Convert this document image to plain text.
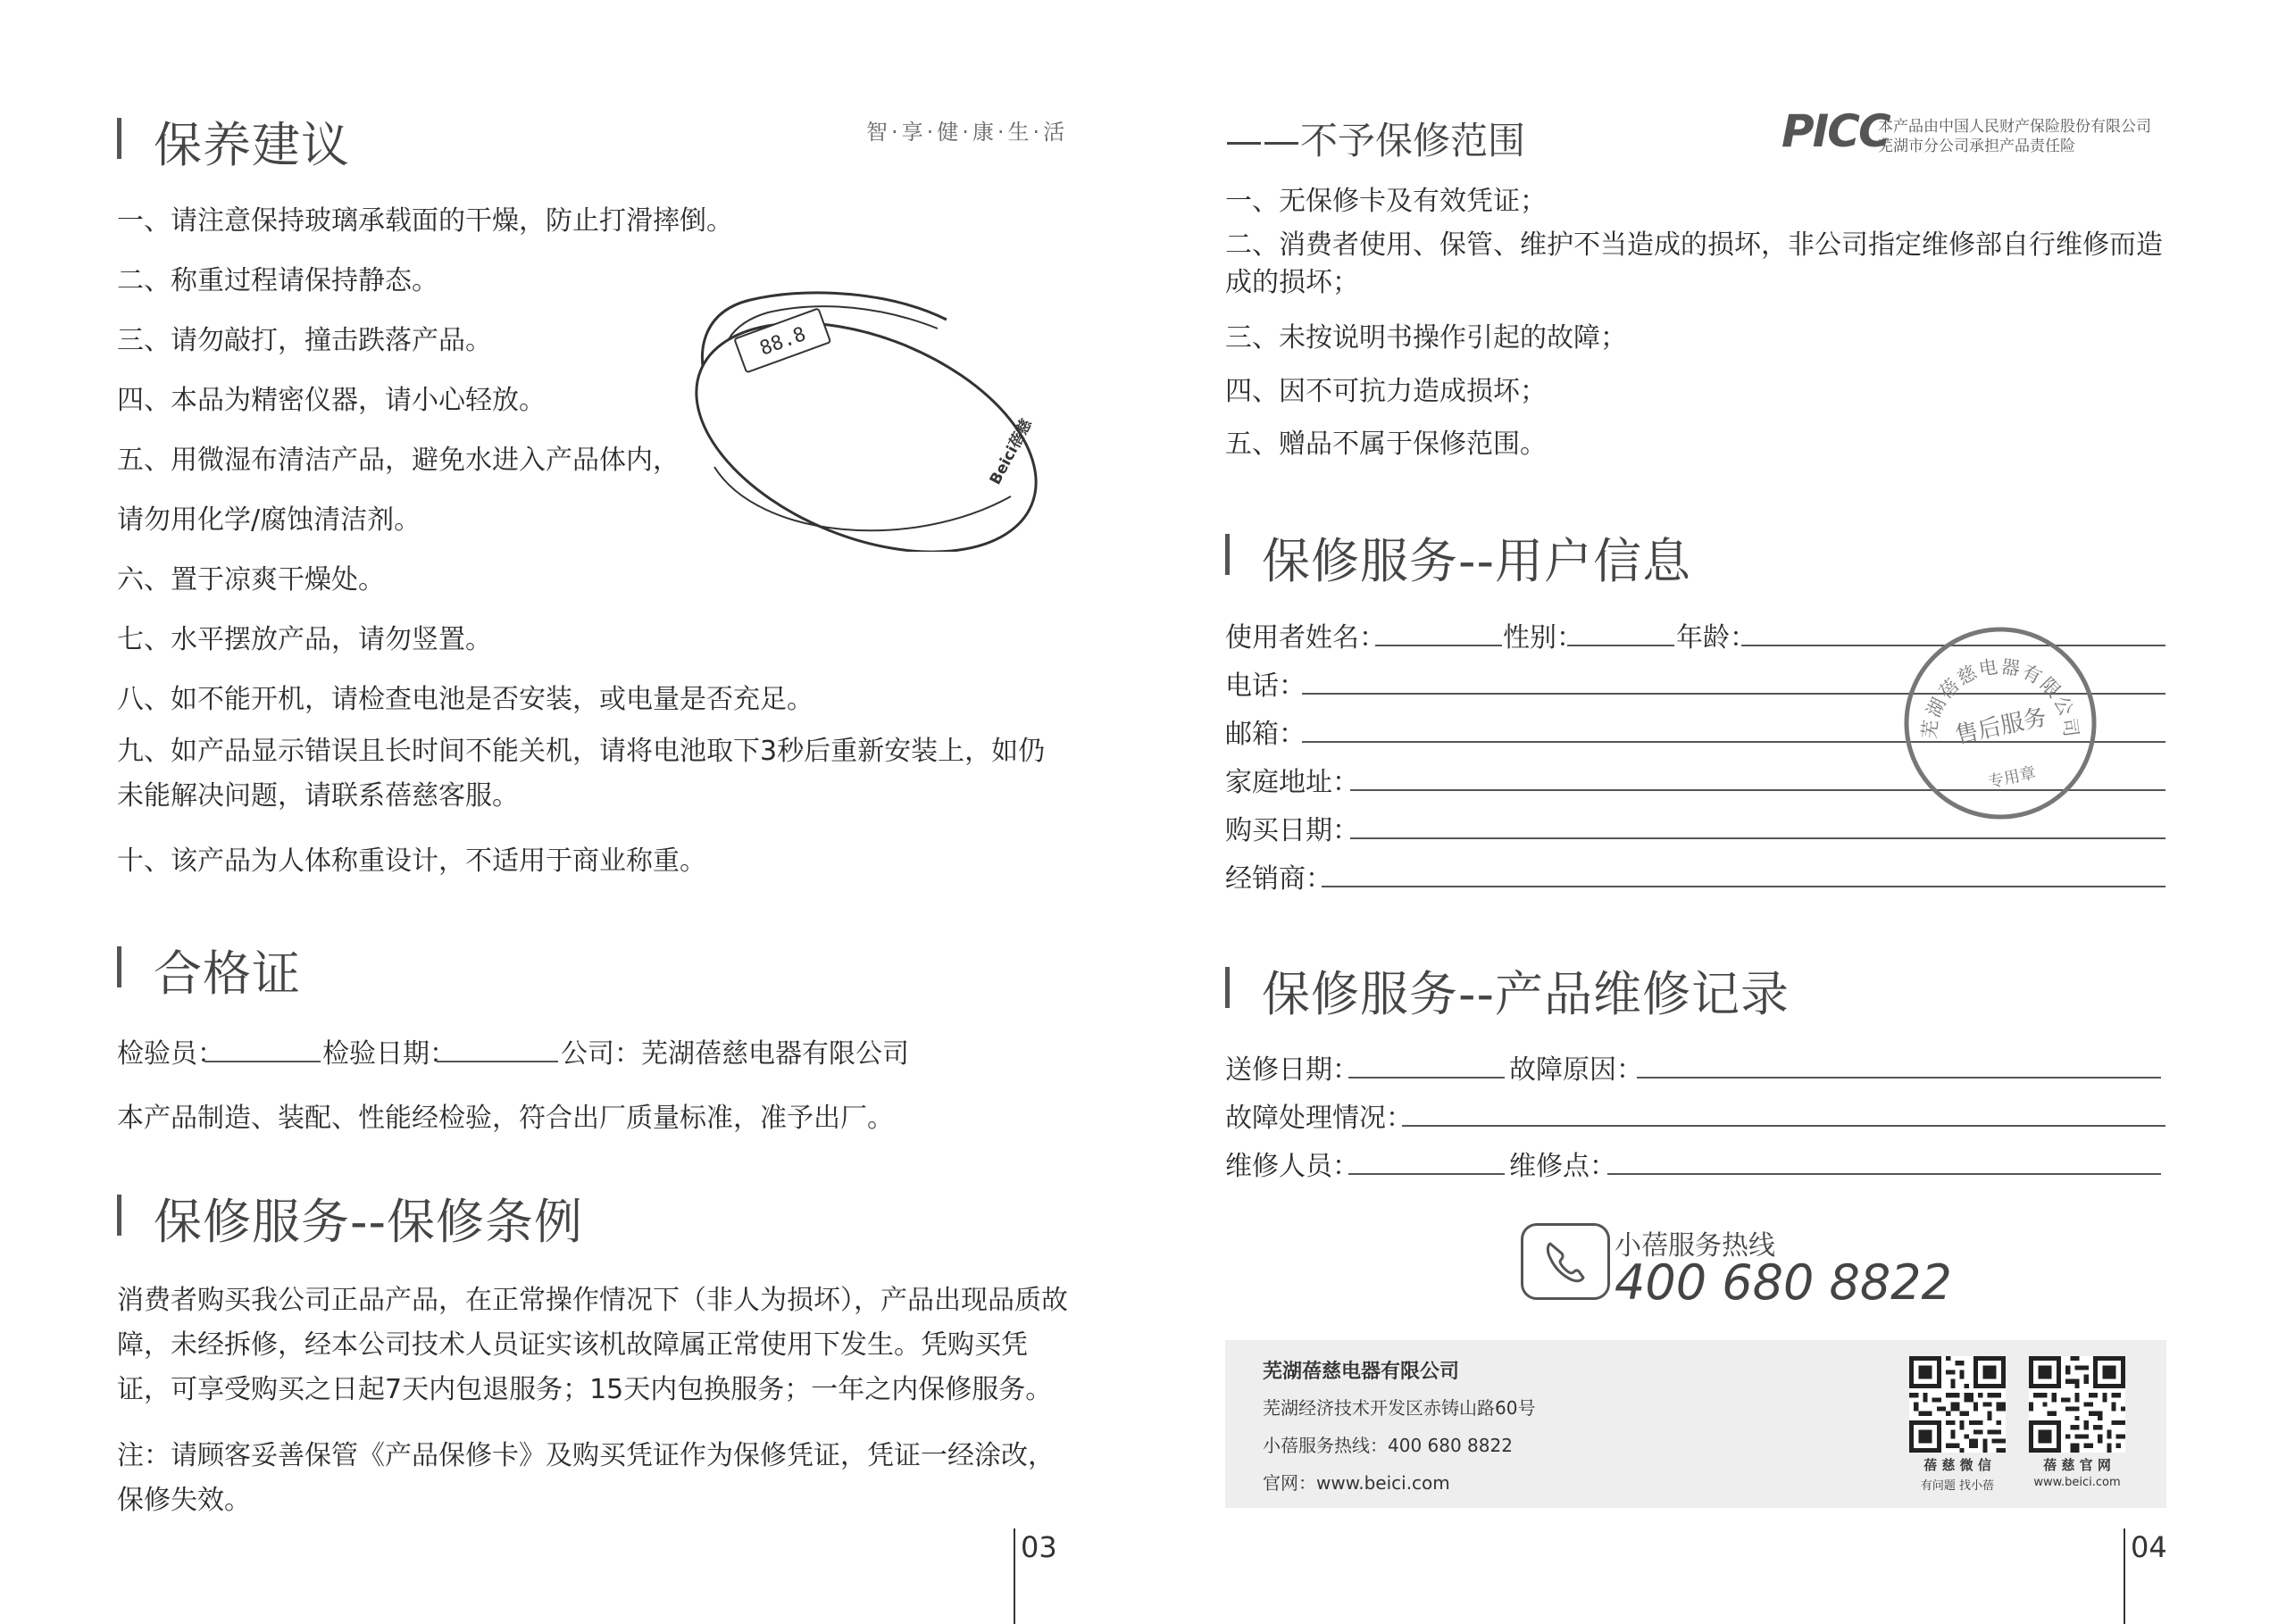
保养建议	智·享·健·康·生·活
一、请注意保持玻璃承载面的干燥，防止打滑摔倒。
二、称重过程请保持静态。
三、请勿敲打，撞击跌落产品。
四、本品为精密仪器，请小心轻放。
五、用微湿布清洁产品，避免水进入产品体内，
请勿用化学/腐蚀清洁剂。
六、置于凉爽干燥处。
七、水平摆放产品，请勿竖置。
八、如不能开机，请检查电池是否安装，或电量是否充足。
九、如产品显示错误且长时间不能关机，请将电池取下3秒后重新安装上，如仍未能解决问题，请联系蓓慈客服。
十、该产品为人体称重设计，不适用于商业称重。
88.8
Beici蓓慈
合格证
检验员：	检验日期：	公司：芜湖蓓慈电器有限公司
本产品制造、装配、性能经检验，符合出厂质量标准，准予出厂。
保修服务--保修条例
消费者购买我公司正品产品，在正常操作情况下（非人为损坏），产品出现品质故障，未经拆修，经本公司技术人员证实该机故障属正常使用下发生。凭购买凭证，可享受购买之日起7天内包退服务；15天内包换服务；一年之内保修服务。
注：请顾客妥善保管《产品保修卡》及购买凭证作为保修凭证，凭证一经涂改，保修失效。
03
——不予保修范围	PICC
本产品由中国人民财产保险股份有限公司
芜湖市分公司承担产品责任险
一、无保修卡及有效凭证；
二、消费者使用、保管、维护不当造成的损坏，非公司指定维修部自行维修而造成的损坏；
三、未按说明书操作引起的故障；
四、因不可抗力造成损坏；
五、赠品不属于保修范围。
保修服务--用户信息
使用者姓名：	性别：	年龄：
电话：
邮箱：
家庭地址：
购买日期：
经销商：
芜湖蓓慈电器有限公司
售后服务
专用章
保修服务--产品维修记录
送修日期：	故障原因：
故障处理情况：
维修人员：	维修点：
小蓓服务热线
400 680 8822
芜湖蓓慈电器有限公司
芜湖经济技术开发区赤铸山路60号
小蓓服务热线：400 680 8822
官网：www.beici.com
蓓 慈 微 信
有问题 找小蓓
蓓 慈 官 网
www.beici.com
04
